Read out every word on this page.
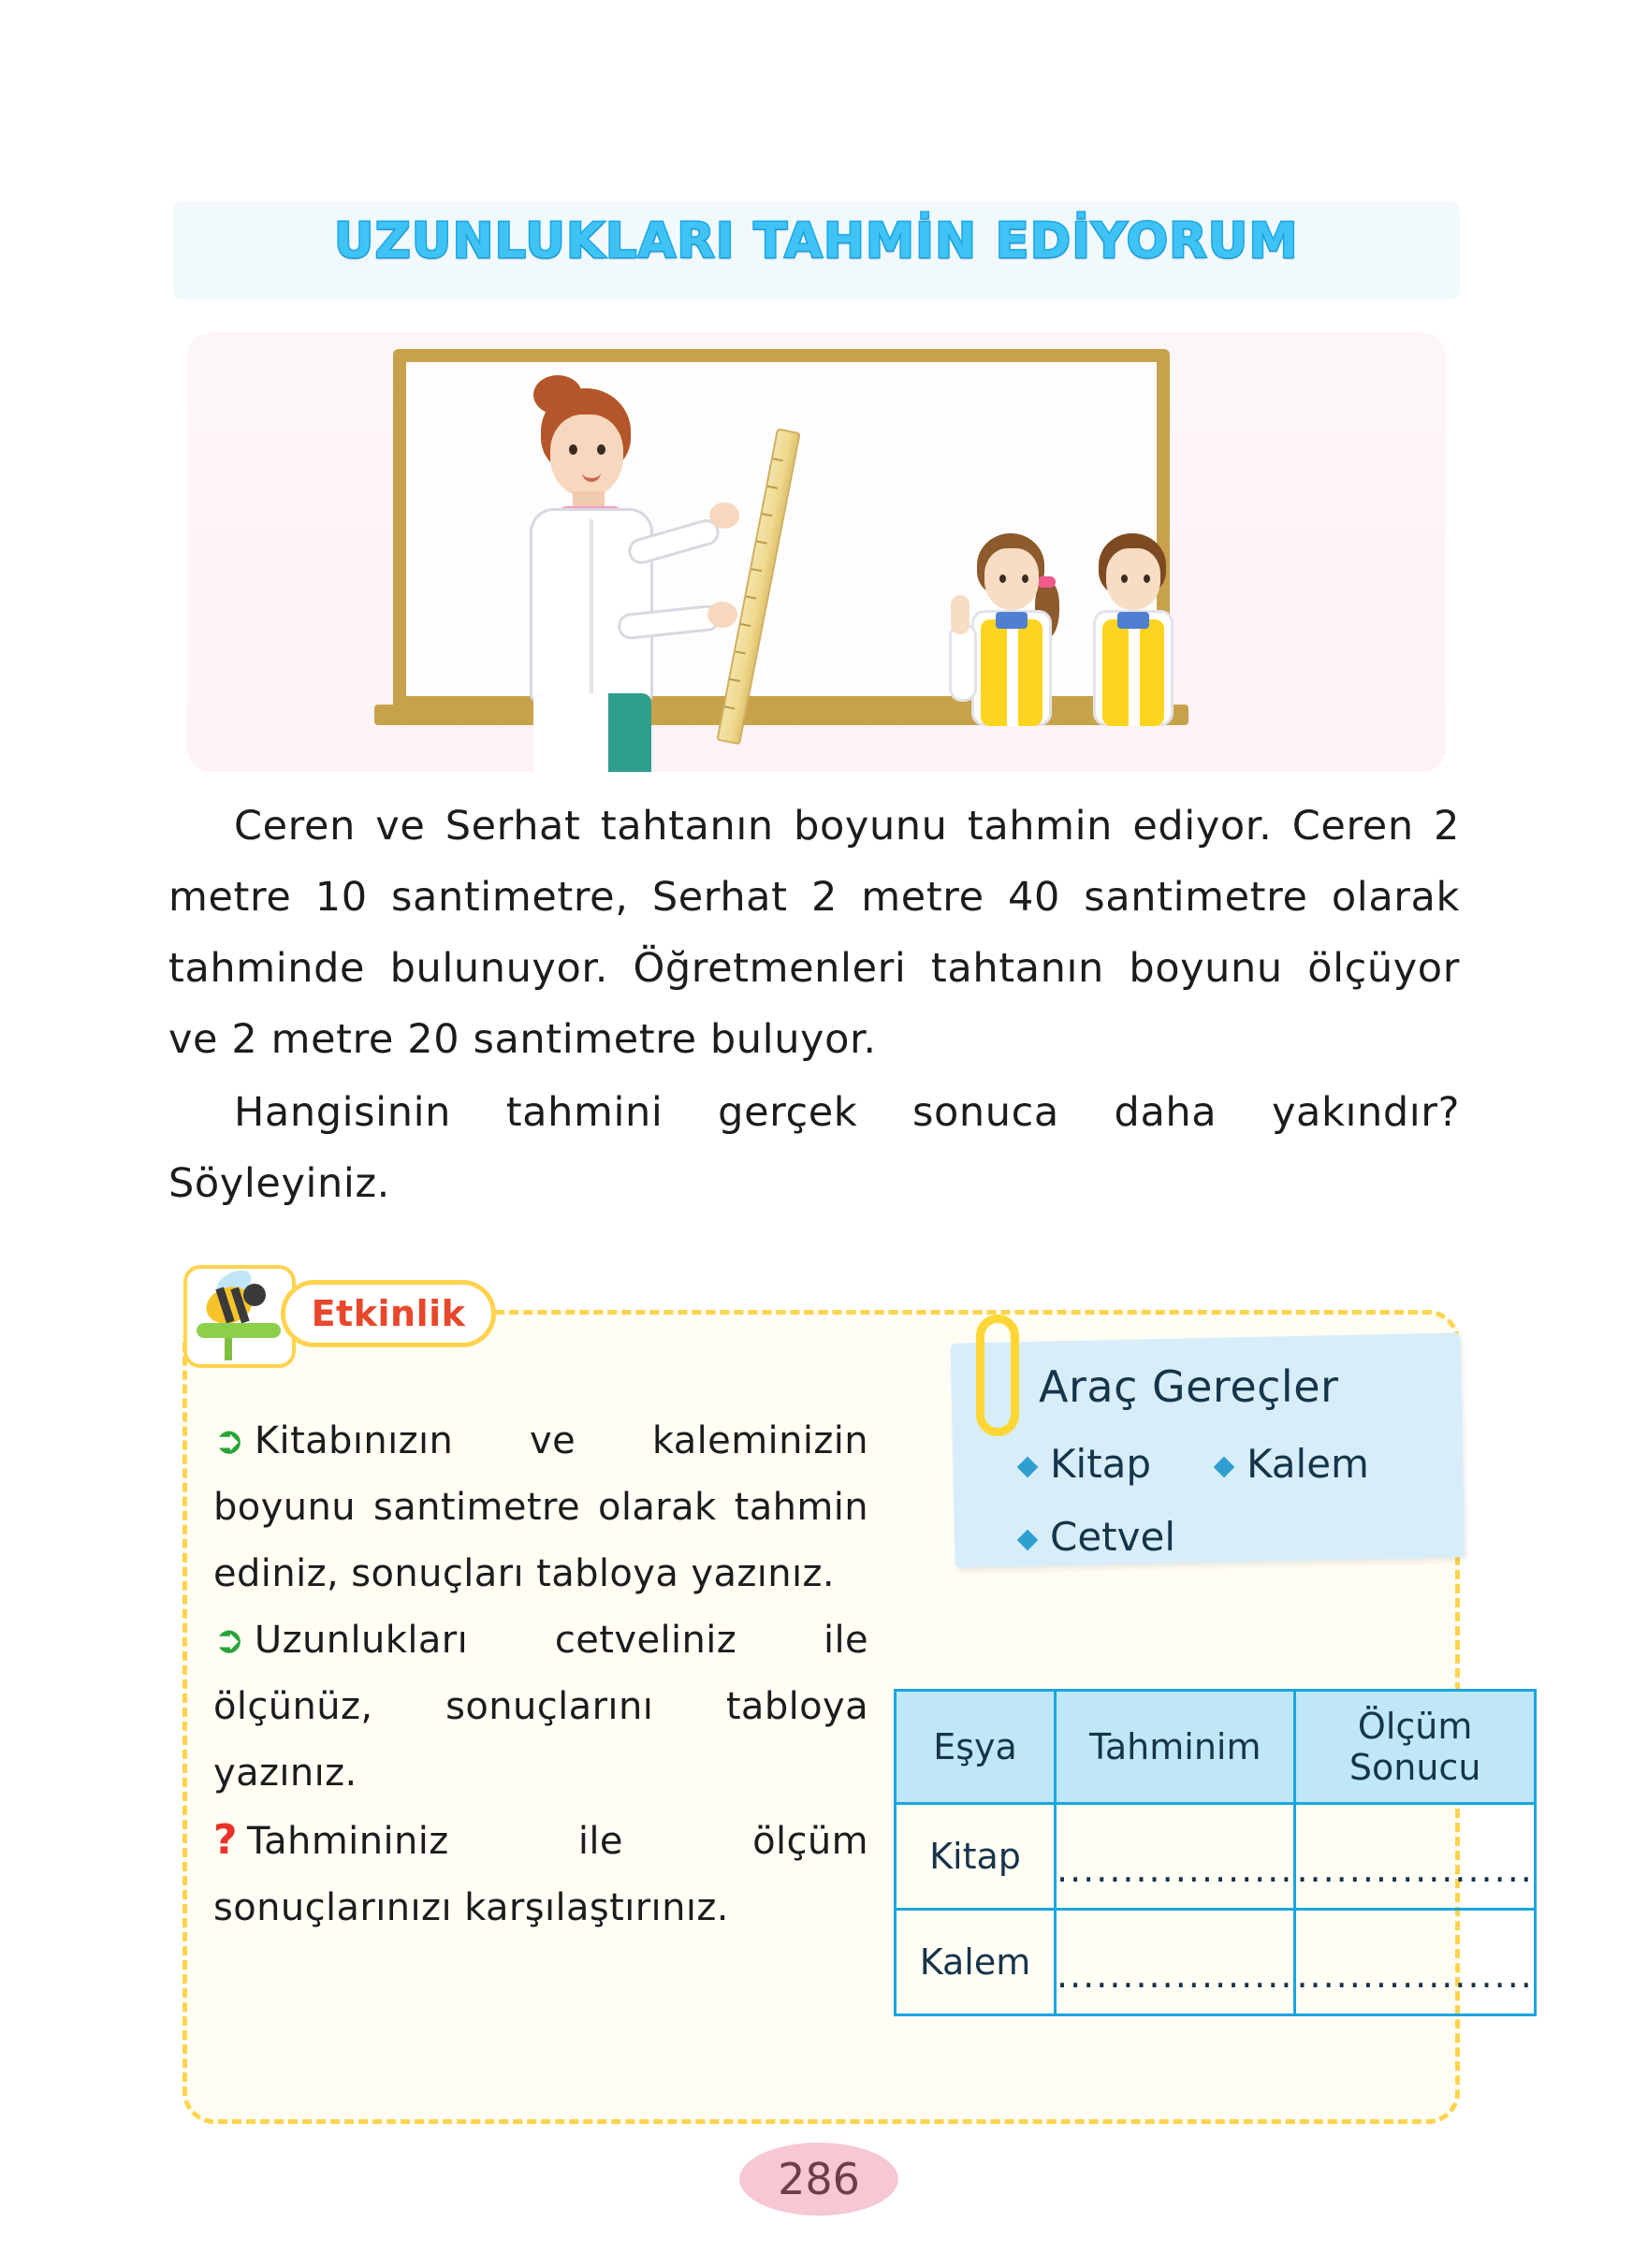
UZUNLUKLARI TAHMİN EDİYORUM

Ceren ve Serhat tahtanın boyunu tahmin ediyor. Ceren 2 metre 10 santimetre, Serhat 2 metre 40 santimetre olarak tahminde bulunuyor. Öğretmenleri tahtanın boyunu ölçüyor ve 2 metre 20 santimetre buluyor.

Hangisinin tahmini gerçek sonuca daha yakındır? Söyleyiniz.

Etkinlik

➲ Kitabınızın ve kaleminizin boyunu santimetre olarak tahmin ediniz, sonuçları tabloya yazınız.

➲ Uzunlukları cetveliniz ile ölçünüz, sonuçlarını tabloya yazınız.

? Tahmininiz ile ölçüm sonuçlarınızı karşılaştırınız.

Araç Gereçler
Kitap	Kalem
Cetvel
Eşya	Tahminim	Ölçüm
Sonucu

Kitap	..................	..................
Kalem	..................	..................
286
